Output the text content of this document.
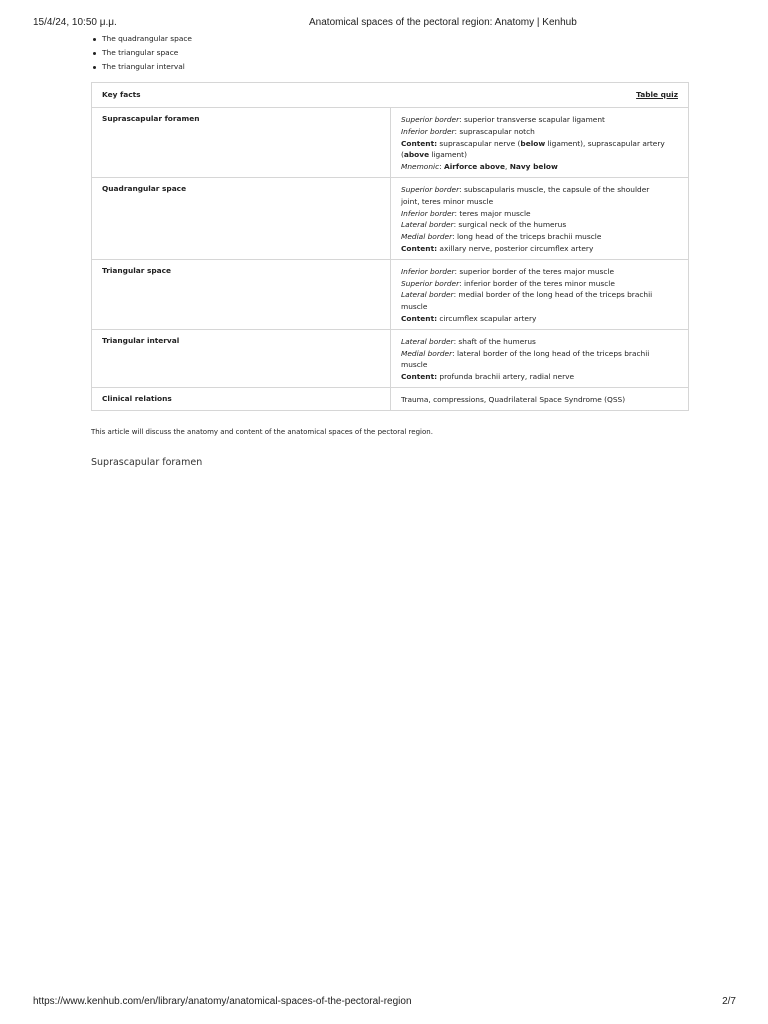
15/4/24, 10:50 μ.μ.	Anatomical spaces of the pectoral region: Anatomy | Kenhub
The quadrangular space
The triangular space
The triangular interval
Key facts	Table quiz
Suprascapular foramen	Superior border: superior transverse scapular ligament
Inferior border: suprascapular notch
Content: suprascapular nerve (below ligament), suprascapular artery
(above ligament)
Mnemonic: Airforce above, Navy below
Quadrangular space	Superior border: subscapularis muscle, the capsule of the shoulder
joint, teres minor muscle
Inferior border: teres major muscle
Lateral border: surgical neck of the humerus
Medial border: long head of the triceps brachii muscle
Content: axillary nerve, posterior circumflex artery
Triangular space	Inferior border: superior border of the teres major muscle
Superior border: inferior border of the teres minor muscle
Lateral border: medial border of the long head of the triceps brachii
muscle
Content: circumflex scapular artery
Triangular interval	Lateral border: shaft of the humerus
Medial border: lateral border of the long head of the triceps brachii
muscle
Content: profunda brachii artery, radial nerve
Clinical relations	Trauma, compressions, Quadrilateral Space Syndrome (QSS)
This article will discuss the anatomy and content of the anatomical spaces of the pectoral region.
Suprascapular foramen
https://www.kenhub.com/en/library/anatomy/anatomical-spaces-of-the-pectoral-region	2/7
